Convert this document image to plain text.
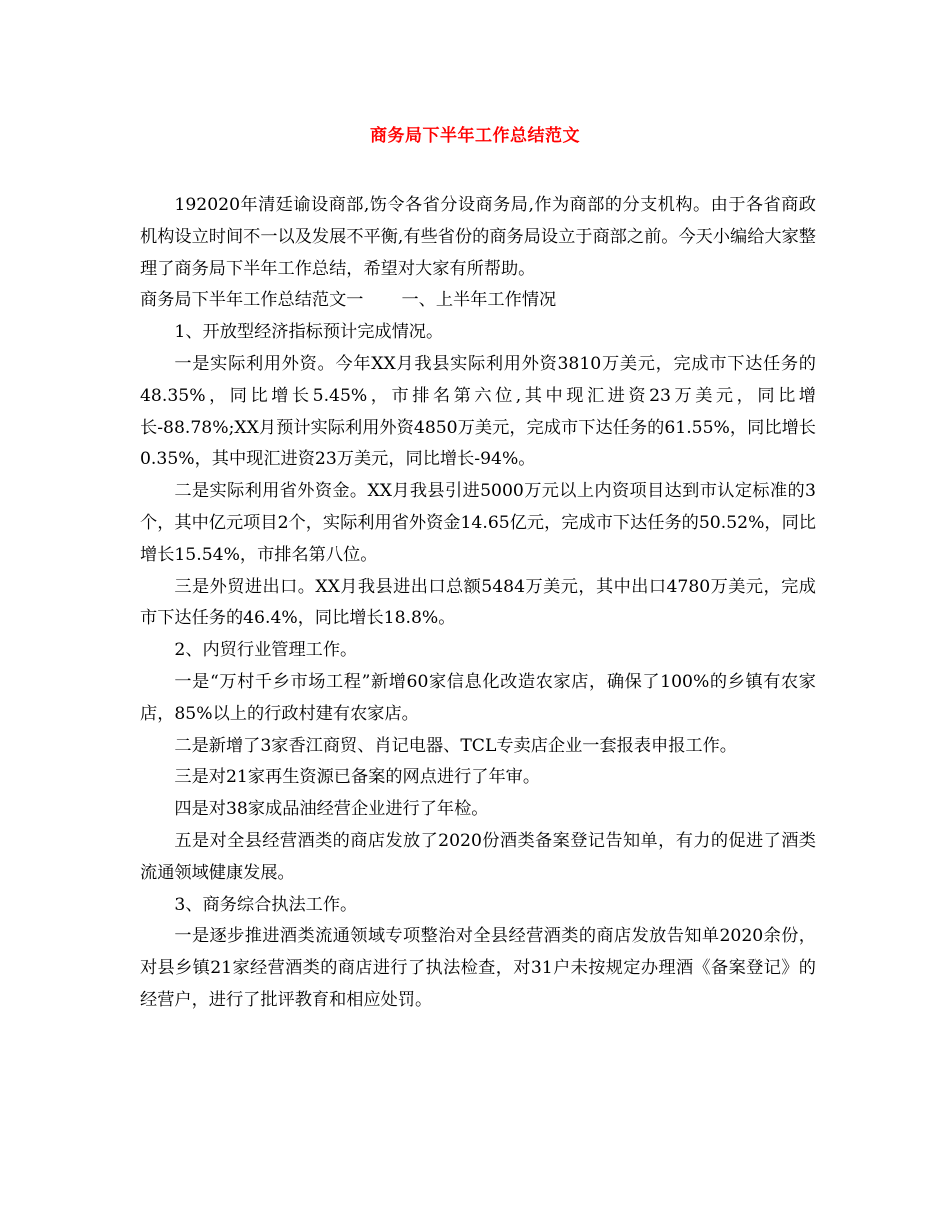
商务局下半年工作总结范文

192020年清廷谕设商部,饬令各省分设商务局,作为商部的分支机构。由于各省商政机构设立时间不一以及发展不平衡,有些省份的商务局设立于商部之前。今天小编给大家整理了商务局下半年工作总结，希望对大家有所帮助。

商务局下半年工作总结范文一 一、上半年工作情况

1、开放型经济指标预计完成情况。

一是实际利用外资。今年XX月我县实际利用外资3810万美元，完成市下达任务的48.35%，同比增长5.45%，市排名第六位,其中现汇进资23万美元，同比增长-88.78%;XX月预计实际利用外资4850万美元，完成市下达任务的61.55%，同比增长0.35%，其中现汇进资23万美元，同比增长-94%。

二是实际利用省外资金。XX月我县引进5000万元以上内资项目达到市认定标准的3个，其中亿元项目2个，实际利用省外资金14.65亿元，完成市下达任务的50.52%，同比增长15.54%，市排名第八位。

三是外贸进出口。XX月我县进出口总额5484万美元，其中出口4780万美元，完成市下达任务的46.4%，同比增长18.8%。

2、内贸行业管理工作。

一是“万村千乡市场工程”新增60家信息化改造农家店，确保了100%的乡镇有农家店，85%以上的行政村建有农家店。

二是新增了3家香江商贸、肖记电器、TCL专卖店企业一套报表申报工作。

三是对21家再生资源已备案的网点进行了年审。

四是对38家成品油经营企业进行了年检。

五是对全县经营酒类的商店发放了2020份酒类备案登记告知单，有力的促进了酒类流通领域健康发展。

3、商务综合执法工作。

一是逐步推进酒类流通领域专项整治对全县经营酒类的商店发放告知单2020余份，对县乡镇21家经营酒类的商店进行了执法检查，对31户未按规定办理酒《备案登记》的经营户，进行了批评教育和相应处罚。
